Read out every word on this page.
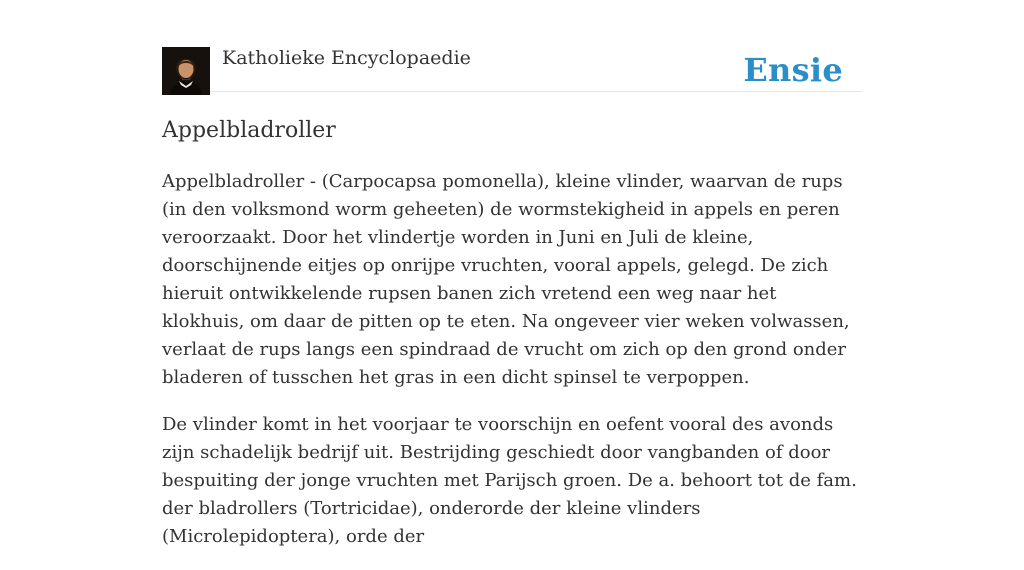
Katholieke Encyclopaedie	Ensie
Appelbladroller

Appelbladroller - (Carpocapsa pomonella), kleine vlinder, waarvan de rups (in den volksmond worm geheeten) de wormstekigheid in appels en peren veroorzaakt. Door het vlindertje worden in Juni en Juli de kleine, doorschijnende eitjes op onrijpe vruchten, vooral appels, gelegd. De zich hieruit ontwikkelende rupsen banen zich vretend een weg naar het klokhuis, om daar de pitten op te eten. Na ongeveer vier weken volwassen, verlaat de rups langs een spindraad de vrucht om zich op den grond onder bladeren of tusschen het gras in een dicht spinsel te verpoppen.

De vlinder komt in het voorjaar te voorschijn en oefent vooral des avonds zijn schadelijk bedrijf uit. Bestrijding geschiedt door vangbanden of door bespuiting der jonge vruchten met Parijsch groen. De a. behoort tot de fam. der bladrollers (Tortricidae), onderorde der kleine vlinders (Microlepidoptera), orde der
